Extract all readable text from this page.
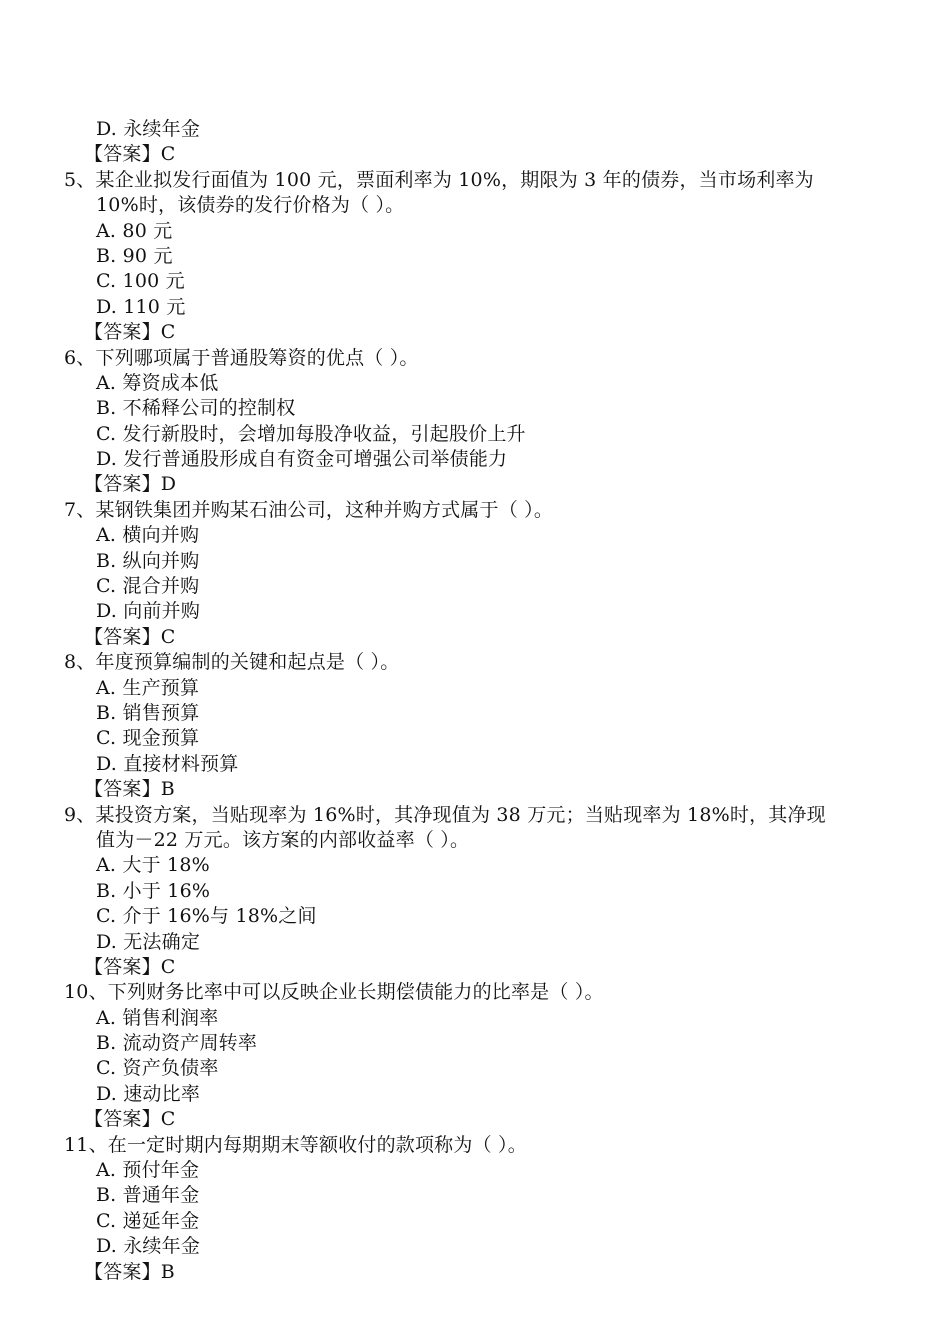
D. 永续年金
【答案】C
5、某企业拟发行面值为 100 元，票面利率为 10%，期限为 3 年的债券，当市场利率为
10%时，该债券的发行价格为（ ）。
A. 80 元
B. 90 元
C. 100 元
D. 110 元
【答案】C
6、下列哪项属于普通股筹资的优点（ ）。
A. 筹资成本低
B. 不稀释公司的控制权
C. 发行新股时，会增加每股净收益，引起股价上升
D. 发行普通股形成自有资金可增强公司举债能力
【答案】D
7、某钢铁集团并购某石油公司，这种并购方式属于（ ）。
A. 横向并购
B. 纵向并购
C. 混合并购
D. 向前并购
【答案】C
8、年度预算编制的关键和起点是（ ）。
A. 生产预算
B. 销售预算
C. 现金预算
D. 直接材料预算
【答案】B
9、某投资方案，当贴现率为 16%时，其净现值为 38 万元；当贴现率为 18%时，其净现
值为－22 万元。该方案的内部收益率（ ）。
A. 大于 18%
B. 小于 16%
C. 介于 16%与 18%之间
D. 无法确定
【答案】C
10、下列财务比率中可以反映企业长期偿债能力的比率是（ ）。
A. 销售利润率
B. 流动资产周转率
C. 资产负债率
D. 速动比率
【答案】C
11、在一定时期内每期期末等额收付的款项称为（ ）。
A. 预付年金
B. 普通年金
C. 递延年金
D. 永续年金
【答案】B
